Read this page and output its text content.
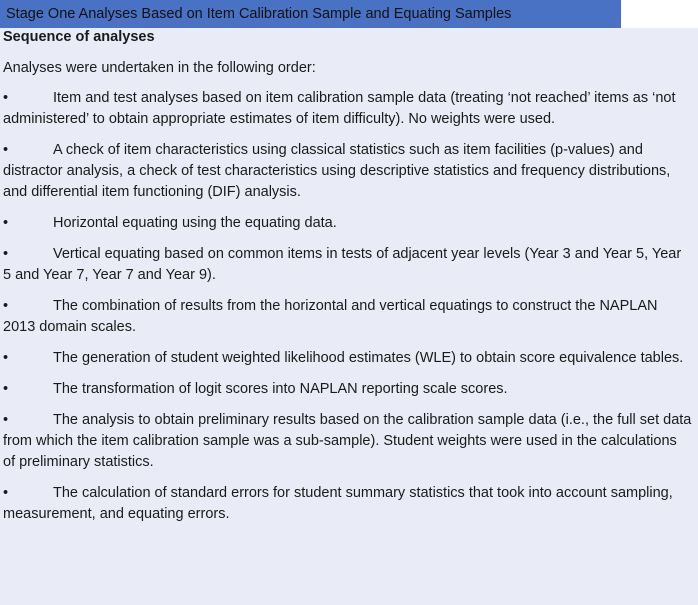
Stage One Analyses Based on Item Calibration Sample and Equating Samples

Sequence of analyses

Analyses were undertaken in the following order:

•	Item and test analyses based on item calibration sample data (treating ‘not reached’ items as ‘not administered’ to obtain appropriate estimates of item difficulty). No weights were used.
•	A check of item characteristics using classical statistics such as item facilities (p-values) and distractor analysis, a check of test characteristics using descriptive statistics and frequency distributions, and differential item functioning (DIF) analysis.
•	Horizontal equating using the equating data.
•	Vertical equating based on common items in tests of adjacent year levels (Year 3 and Year 5, Year 5 and Year 7, Year 7 and Year 9).
•	The combination of results from the horizontal and vertical equatings to construct the NAPLAN 2013 domain scales.
•	The generation of student weighted likelihood estimates (WLE) to obtain score equivalence tables.
•	The transformation of logit scores into NAPLAN reporting scale scores.
•	The analysis to obtain preliminary results based on the calibration sample data (i.e., the full set data from which the item calibration sample was a sub-sample). Student weights were used in the calculations of preliminary statistics.
•	The calculation of standard errors for student summary statistics that took into account sampling, measurement, and equating errors.
